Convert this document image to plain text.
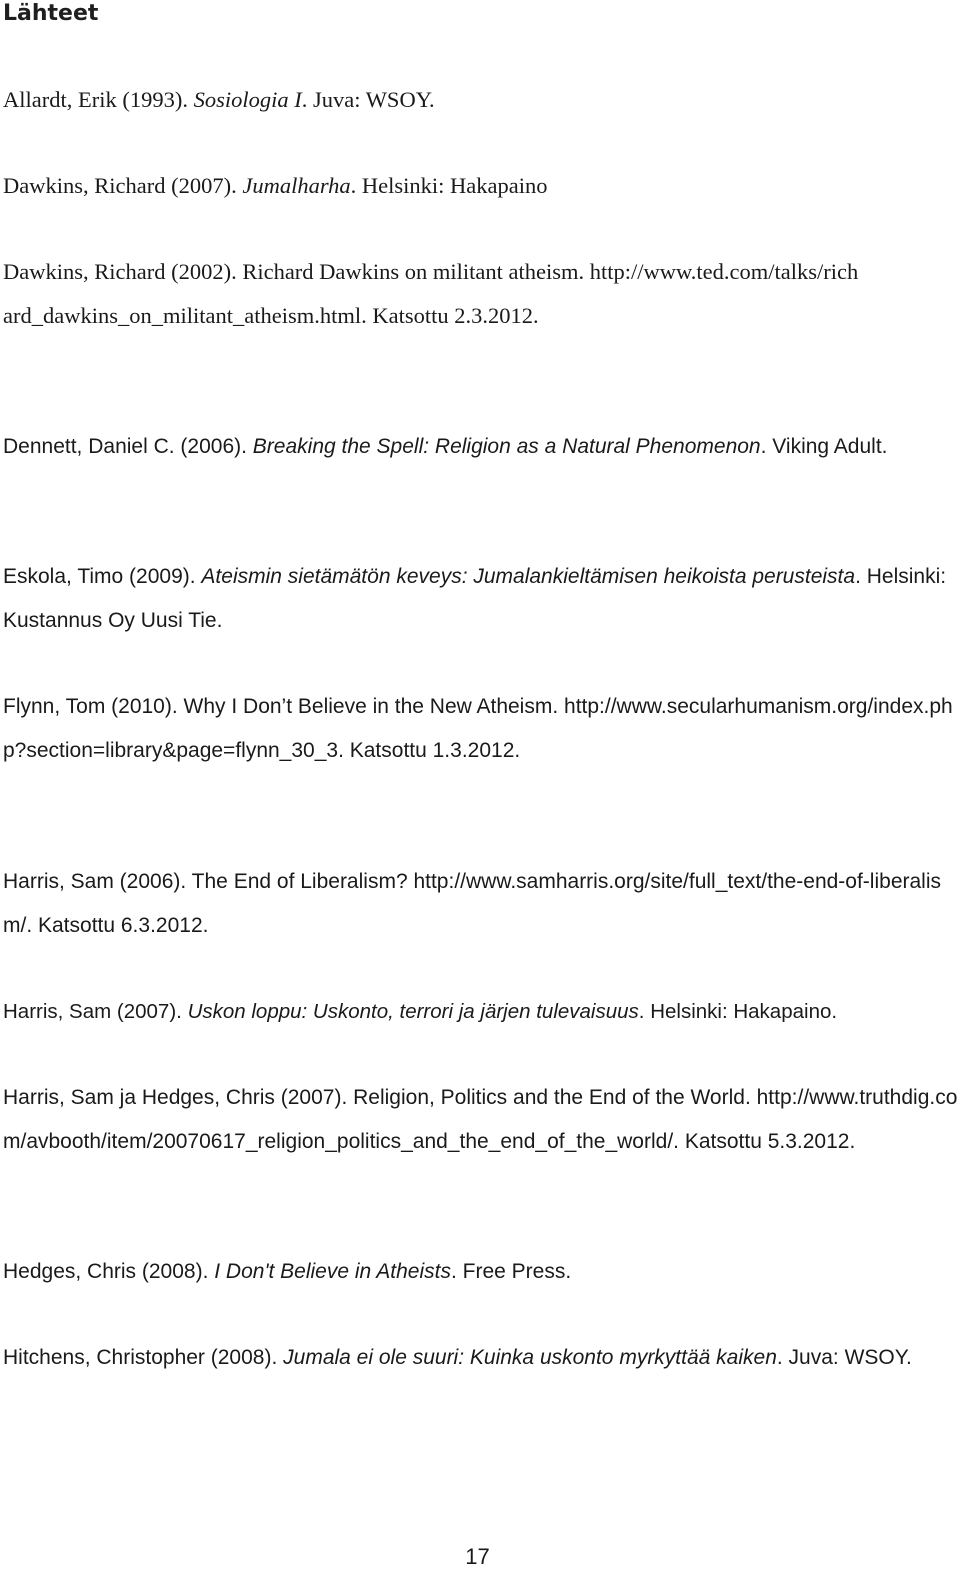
Lähteet
Allardt, Erik (1993). Sosiologia I. Juva: WSOY.
Dawkins, Richard (2007). Jumalharha. Helsinki: Hakapaino
Dawkins, Richard (2002). Richard Dawkins on militant atheism. http://www.ted.com/talks/richard_dawkins_on_militant_atheism.html. Katsottu 2.3.2012.
Dennett, Daniel C. (2006). Breaking the Spell: Religion as a Natural Phenomenon. Viking Adult.
Eskola, Timo (2009). Ateismin sietämätön keveys: Jumalankieltämisen heikoista perusteista. Helsinki: Kustannus Oy Uusi Tie.
Flynn, Tom (2010). Why I Don’t Believe in the New Atheism. http://www.secularhumanism.org/index.php?section=library&page=flynn_30_3. Katsottu 1.3.2012.
Harris, Sam (2006). The End of Liberalism? http://www.samharris.org/site/full_text/the-end-of-liberalism/. Katsottu 6.3.2012.
Harris, Sam (2007). Uskon loppu: Uskonto, terrori ja järjen tulevaisuus. Helsinki: Hakapaino.
Harris, Sam ja Hedges, Chris (2007). Religion, Politics and the End of the World. http://www.truthdig.com/avbooth/item/20070617_religion_politics_and_the_end_of_the_world/. Katsottu 5.3.2012.
Hedges, Chris (2008). I Don't Believe in Atheists. Free Press.
Hitchens, Christopher (2008). Jumala ei ole suuri: Kuinka uskonto myrkyttää kaiken. Juva: WSOY.
17
